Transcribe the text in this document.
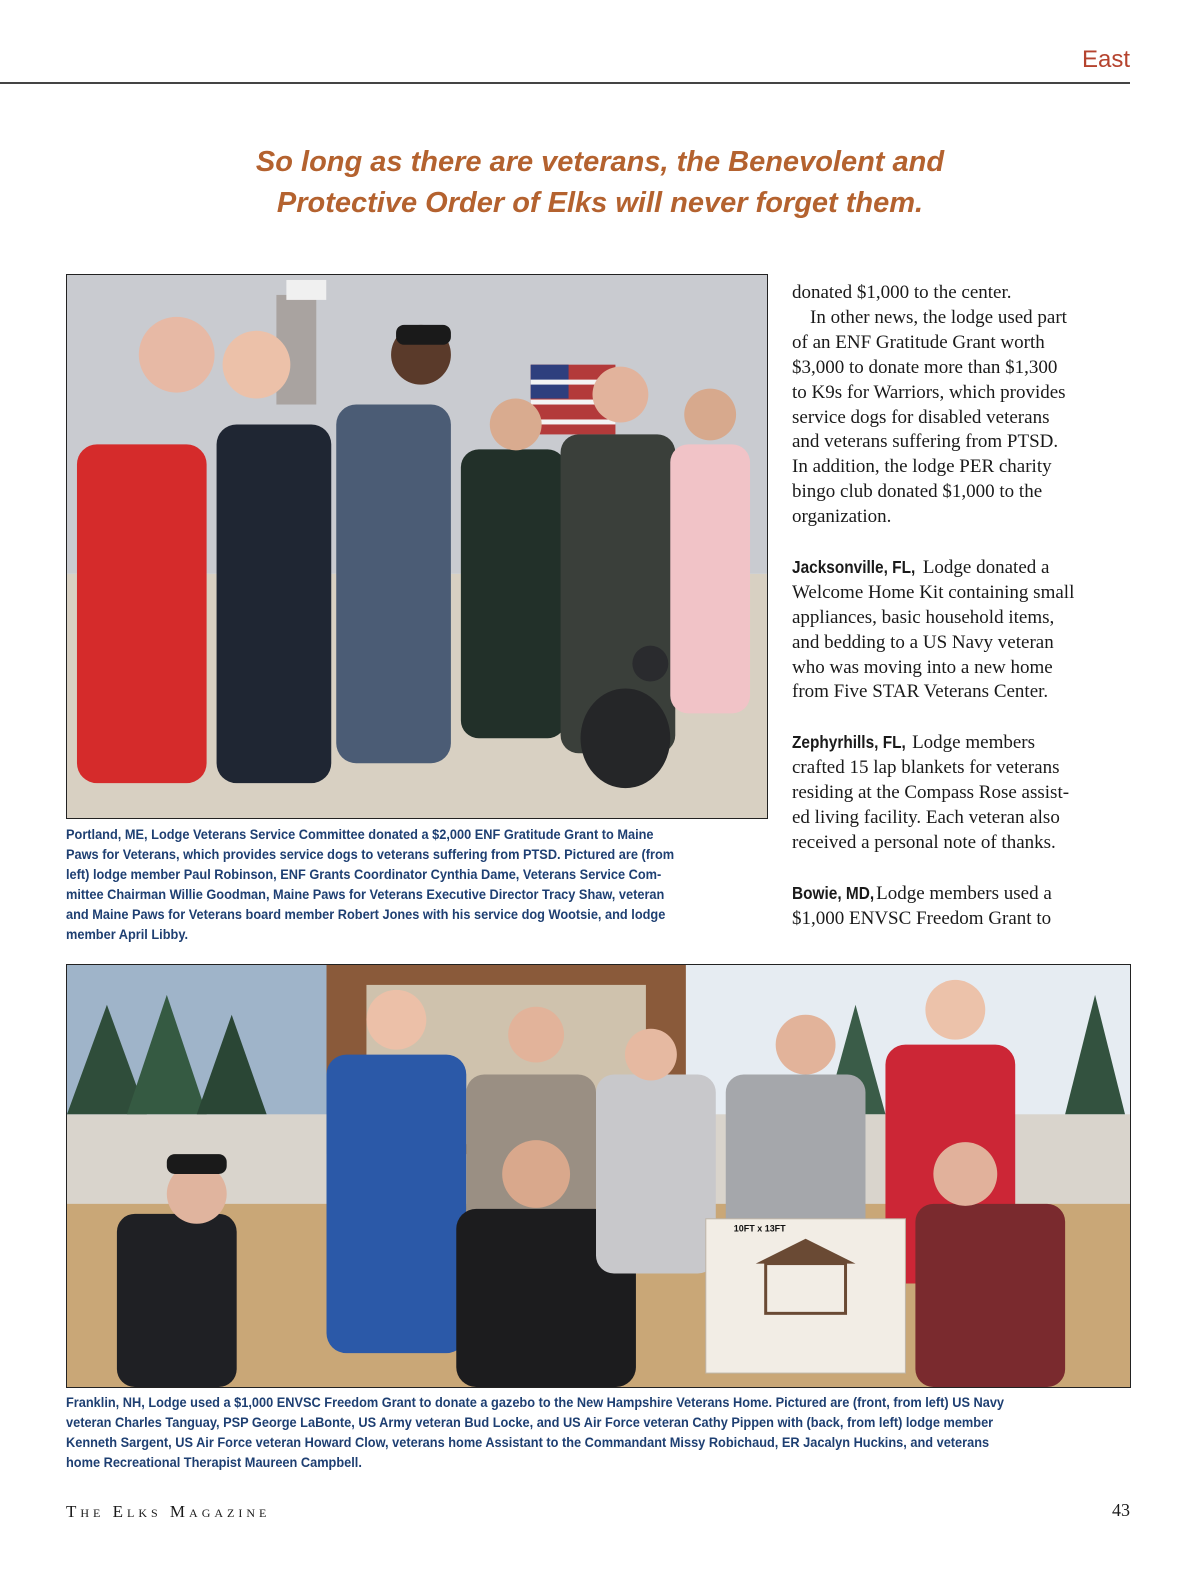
East
So long as there are veterans, the Benevolent and
Protective Order of Elks will never forget them.
Portland, ME, Lodge Veterans Service Committee donated a $2,000 ENF Gratitude Grant to Maine
Paws for Veterans, which provides service dogs to veterans suffering from PTSD. Pictured are (from
left) lodge member Paul Robinson, ENF Grants Coordinator Cynthia Dame, Veterans Service Com-
mittee Chairman Willie Goodman, Maine Paws for Veterans Executive Director Tracy Shaw, veteran
and Maine Paws for Veterans board member Robert Jones with his service dog Wootsie, and lodge
member April Libby.

donated $1,000 to the center.

In other news, the lodge used part
of an ENF Gratitude Grant worth
$3,000 to donate more than $1,300
to K9s for Warriors, which provides
service dogs for disabled veterans
and veterans suffering from PTSD.
In addition, the lodge PER charity
bingo club donated $1,000 to the
organization.

Jacksonville, FL, Lodge donated a
Welcome Home Kit containing small
appliances, basic household items,
and bedding to a US Navy veteran
who was moving into a new home
from Five STAR Veterans Center.

Zephyrhills, FL, Lodge members
crafted 15 lap blankets for veterans
residing at the Compass Rose assist-
ed living facility. Each veteran also
received a personal note of thanks.

Bowie, MD, Lodge members used a
$1,000 ENVSC Freedom Grant to

10FT x 13FT
Franklin, NH, Lodge used a $1,000 ENVSC Freedom Grant to donate a gazebo to the New Hampshire Veterans Home. Pictured are (front, from left) US Navy
veteran Charles Tanguay, PSP George LaBonte, US Army veteran Bud Locke, and US Air Force veteran Cathy Pippen with (back, from left) lodge member
Kenneth Sargent, US Air Force veteran Howard Clow, veterans home Assistant to the Commandant Missy Robichaud, ER Jacalyn Huckins, and veterans
home Recreational Therapist Maureen Campbell.
The Elks Magazine	43
